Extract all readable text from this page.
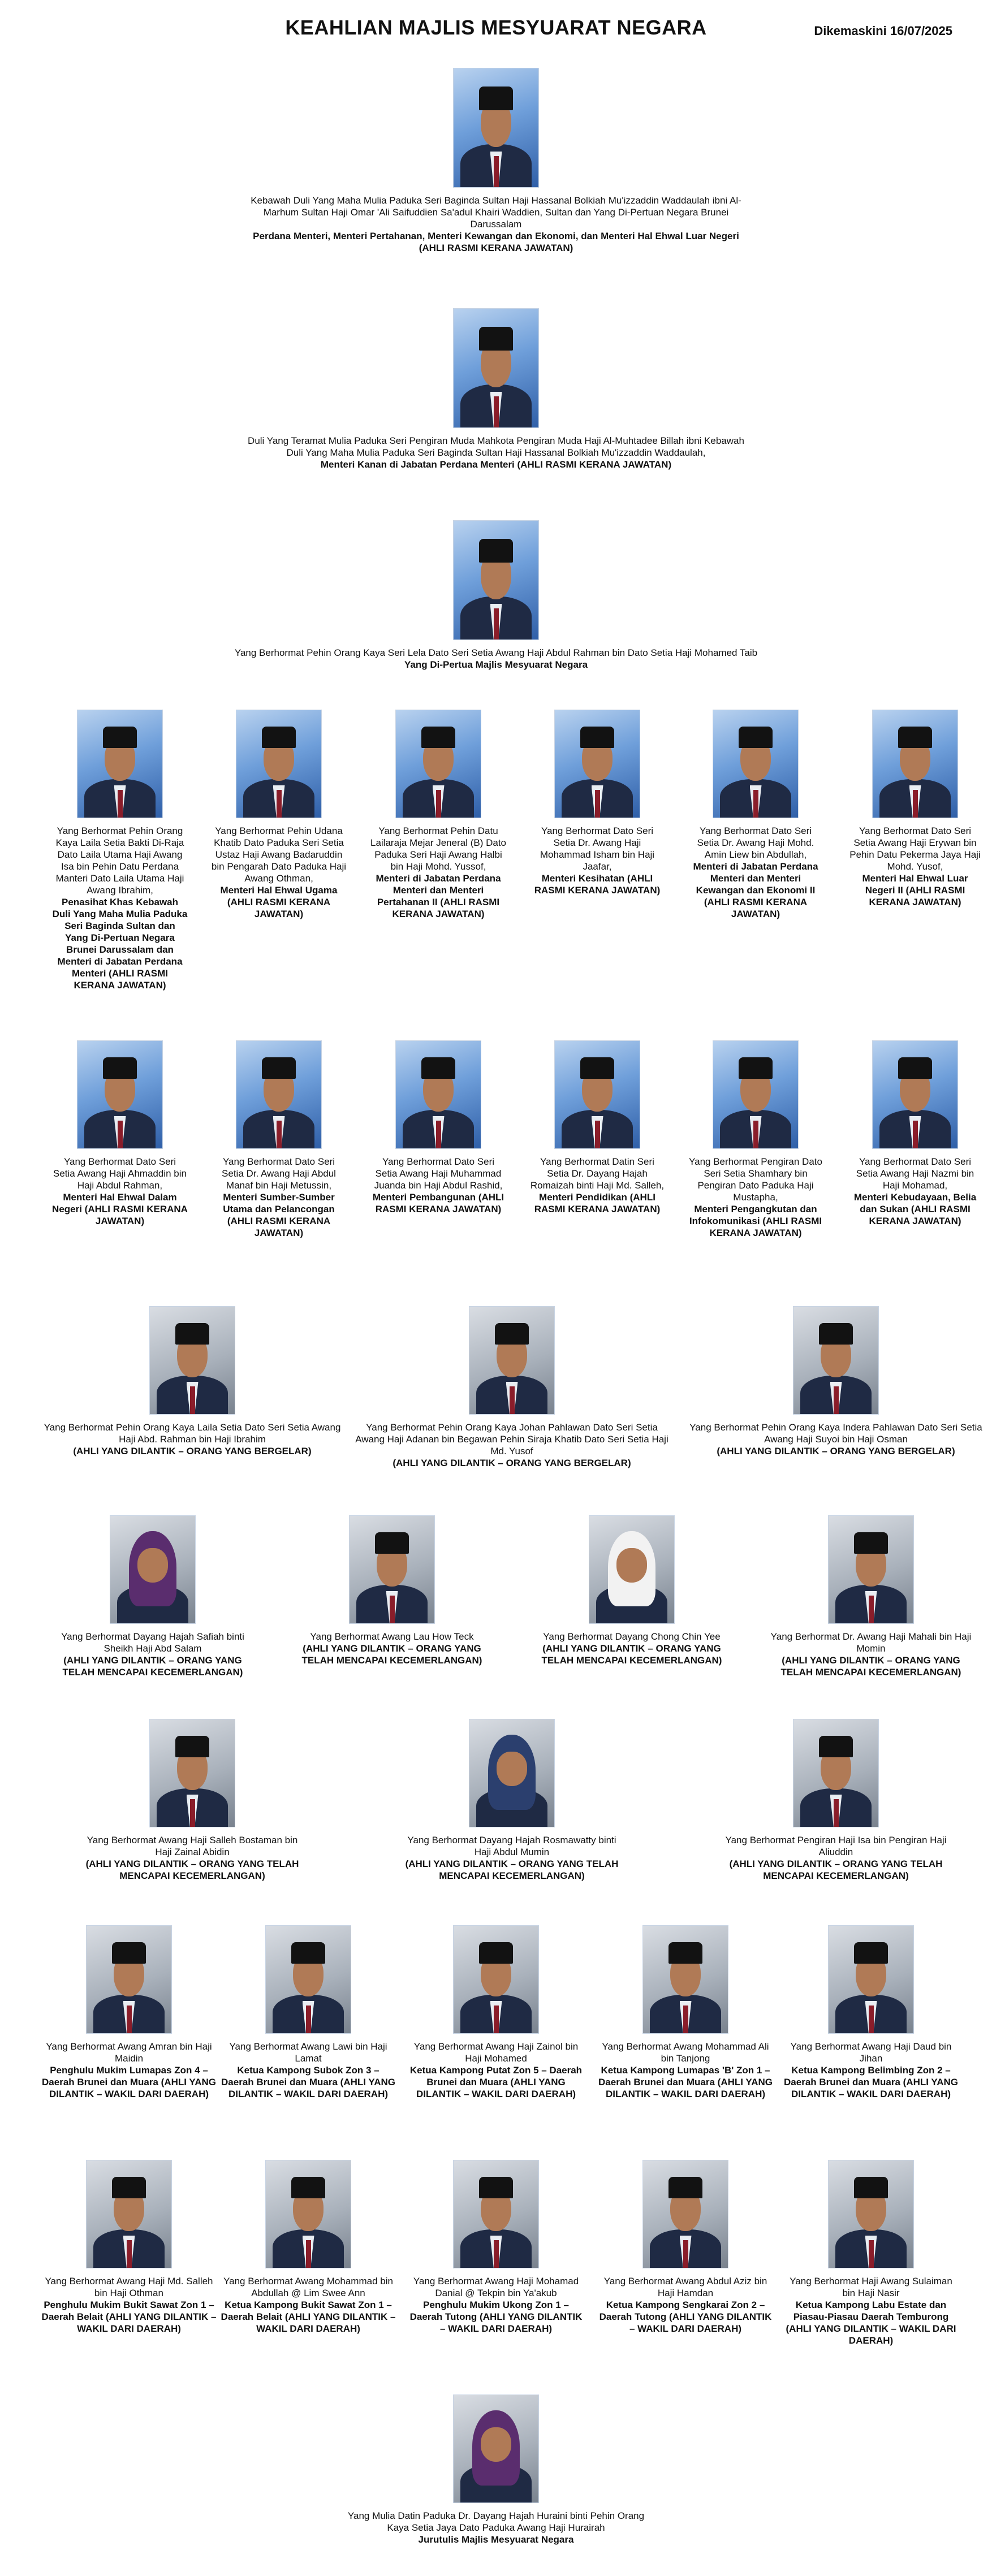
KEAHLIAN MAJLIS MESYUARAT NEGARA	Dikemaskini 16/07/2025
Kebawah Duli Yang Maha Mulia Paduka Seri Baginda Sultan Haji Hassanal Bolkiah Mu'izzaddin Waddaulah ibni Al-Marhum Sultan Haji Omar 'Ali Saifuddien Sa'adul Khairi Waddien, Sultan dan Yang Di-Pertuan Negara Brunei Darussalam
Perdana Menteri, Menteri Pertahanan, Menteri Kewangan dan Ekonomi, dan Menteri Hal Ehwal Luar Negeri (AHLI RASMI KERANA JAWATAN)
Duli Yang Teramat Mulia Paduka Seri Pengiran Muda Mahkota Pengiran Muda Haji Al-Muhtadee Billah ibni Kebawah Duli Yang Maha Mulia Paduka Seri Baginda Sultan Haji Hassanal Bolkiah Mu'izzaddin Waddaulah,
Menteri Kanan di Jabatan Perdana Menteri (AHLI RASMI KERANA JAWATAN)
Yang Berhormat Pehin Orang Kaya Seri Lela Dato Seri Setia Awang Haji Abdul Rahman bin Dato Setia Haji Mohamed Taib
Yang Di-Pertua Majlis Mesyuarat Negara
Yang Berhormat Pehin Orang Kaya Laila Setia Bakti Di-Raja Dato Laila Utama Haji Awang Isa bin Pehin Datu Perdana Manteri Dato Laila Utama Haji Awang Ibrahim,
Penasihat Khas Kebawah Duli Yang Maha Mulia Paduka Seri Baginda Sultan dan Yang Di-Pertuan Negara Brunei Darussalam dan Menteri di Jabatan Perdana Menteri (AHLI RASMI KERANA JAWATAN)
Yang Berhormat Pehin Udana Khatib Dato Paduka Seri Setia Ustaz Haji Awang Badaruddin bin Pengarah Dato Paduka Haji Awang Othman,
Menteri Hal Ehwal Ugama (AHLI RASMI KERANA JAWATAN)
Yang Berhormat Pehin Datu Lailaraja Mejar Jeneral (B) Dato Paduka Seri Haji Awang Halbi bin Haji Mohd. Yussof,
Menteri di Jabatan Perdana Menteri dan Menteri Pertahanan II (AHLI RASMI KERANA JAWATAN)
Yang Berhormat Dato Seri Setia Dr. Awang Haji Mohammad Isham bin Haji Jaafar,
Menteri Kesihatan (AHLI RASMI KERANA JAWATAN)
Yang Berhormat Dato Seri Setia Dr. Awang Haji Mohd. Amin Liew bin Abdullah,
Menteri di Jabatan Perdana Menteri dan Menteri Kewangan dan Ekonomi II (AHLI RASMI KERANA JAWATAN)
Yang Berhormat Dato Seri Setia Awang Haji Erywan bin Pehin Datu Pekerma Jaya Haji Mohd. Yusof,
Menteri Hal Ehwal Luar Negeri II (AHLI RASMI KERANA JAWATAN)
Yang Berhormat Dato Seri Setia Awang Haji Ahmaddin bin Haji Abdul Rahman,
Menteri Hal Ehwal Dalam Negeri (AHLI RASMI KERANA JAWATAN)
Yang Berhormat Dato Seri Setia Dr. Awang Haji Abdul Manaf bin Haji Metussin,
Menteri Sumber-Sumber Utama dan Pelancongan (AHLI RASMI KERANA JAWATAN)
Yang Berhormat Dato Seri Setia Awang Haji Muhammad Juanda bin Haji Abdul Rashid,
Menteri Pembangunan (AHLI RASMI KERANA JAWATAN)
Yang Berhormat Datin Seri Setia Dr. Dayang Hajah Romaizah binti Haji Md. Salleh,
Menteri Pendidikan (AHLI RASMI KERANA JAWATAN)
Yang Berhormat Pengiran Dato Seri Setia Shamhary bin Pengiran Dato Paduka Haji Mustapha,
Menteri Pengangkutan dan Infokomunikasi (AHLI RASMI KERANA JAWATAN)
Yang Berhormat Dato Seri Setia Awang Haji Nazmi bin Haji Mohamad,
Menteri Kebudayaan, Belia dan Sukan (AHLI RASMI KERANA JAWATAN)
Yang Berhormat Pehin Orang Kaya Laila Setia Dato Seri Setia Awang Haji Abd. Rahman bin Haji Ibrahim
(AHLI YANG DILANTIK – ORANG YANG BERGELAR)
Yang Berhormat Pehin Orang Kaya Johan Pahlawan Dato Seri Setia Awang Haji Adanan bin Begawan Pehin Siraja Khatib Dato Seri Setia Haji Md. Yusof
(AHLI YANG DILANTIK – ORANG YANG BERGELAR)
Yang Berhormat Pehin Orang Kaya Indera Pahlawan Dato Seri Setia Awang Haji Suyoi bin Haji Osman
(AHLI YANG DILANTIK – ORANG YANG BERGELAR)
Yang Berhormat Dayang Hajah Safiah binti Sheikh Haji Abd Salam
(AHLI YANG DILANTIK – ORANG YANG TELAH MENCAPAI KECEMERLANGAN)
Yang Berhormat Awang Lau How Teck
(AHLI YANG DILANTIK – ORANG YANG TELAH MENCAPAI KECEMERLANGAN)
Yang Berhormat Dayang Chong Chin Yee
(AHLI YANG DILANTIK – ORANG YANG TELAH MENCAPAI KECEMERLANGAN)
Yang Berhormat Dr. Awang Haji Mahali bin Haji Momin
(AHLI YANG DILANTIK – ORANG YANG TELAH MENCAPAI KECEMERLANGAN)
Yang Berhormat Awang Haji Salleh Bostaman bin Haji Zainal Abidin
(AHLI YANG DILANTIK – ORANG YANG TELAH MENCAPAI KECEMERLANGAN)
Yang Berhormat Dayang Hajah Rosmawatty binti Haji Abdul Mumin
(AHLI YANG DILANTIK – ORANG YANG TELAH MENCAPAI KECEMERLANGAN)
Yang Berhormat Pengiran Haji Isa bin Pengiran Haji Aliuddin
(AHLI YANG DILANTIK – ORANG YANG TELAH MENCAPAI KECEMERLANGAN)
Yang Berhormat Awang Amran bin Haji Maidin
Penghulu Mukim Lumapas Zon 4 – Daerah Brunei dan Muara (AHLI YANG DILANTIK – WAKIL DARI DAERAH)
Yang Berhormat Awang Lawi bin Haji Lamat
Ketua Kampong Subok Zon 3 – Daerah Brunei dan Muara (AHLI YANG DILANTIK – WAKIL DARI DAERAH)
Yang Berhormat Awang Haji Zainol bin Haji Mohamed
Ketua Kampong Putat Zon 5 – Daerah Brunei dan Muara (AHLI YANG DILANTIK – WAKIL DARI DAERAH)
Yang Berhormat Awang Mohammad Ali bin Tanjong
Ketua Kampong Lumapas 'B' Zon 1 – Daerah Brunei dan Muara (AHLI YANG DILANTIK – WAKIL DARI DAERAH)
Yang Berhormat Awang Haji Daud bin Jihan
Ketua Kampong Belimbing Zon 2 – Daerah Brunei dan Muara (AHLI YANG DILANTIK – WAKIL DARI DAERAH)
Yang Berhormat Awang Haji Md. Salleh bin Haji Othman
Penghulu Mukim Bukit Sawat Zon 1 – Daerah Belait (AHLI YANG DILANTIK – WAKIL DARI DAERAH)
Yang Berhormat Awang Mohammad bin Abdullah @ Lim Swee Ann
Ketua Kampong Bukit Sawat Zon 1 – Daerah Belait (AHLI YANG DILANTIK – WAKIL DARI DAERAH)
Yang Berhormat Awang Haji Mohamad Danial @ Tekpin bin Ya'akub
Penghulu Mukim Ukong Zon 1 – Daerah Tutong (AHLI YANG DILANTIK – WAKIL DARI DAERAH)
Yang Berhormat Awang Abdul Aziz bin Haji Hamdan
Ketua Kampong Sengkarai Zon 2 – Daerah Tutong (AHLI YANG DILANTIK – WAKIL DARI DAERAH)
Yang Berhormat Haji Awang Sulaiman bin Haji Nasir
Ketua Kampong Labu Estate dan Piasau-Piasau Daerah Temburong (AHLI YANG DILANTIK – WAKIL DARI DAERAH)
Yang Mulia Datin Paduka Dr. Dayang Hajah Huraini binti Pehin Orang Kaya Setia Jaya Dato Paduka Awang Haji Hurairah
Jurutulis Majlis Mesyuarat Negara
